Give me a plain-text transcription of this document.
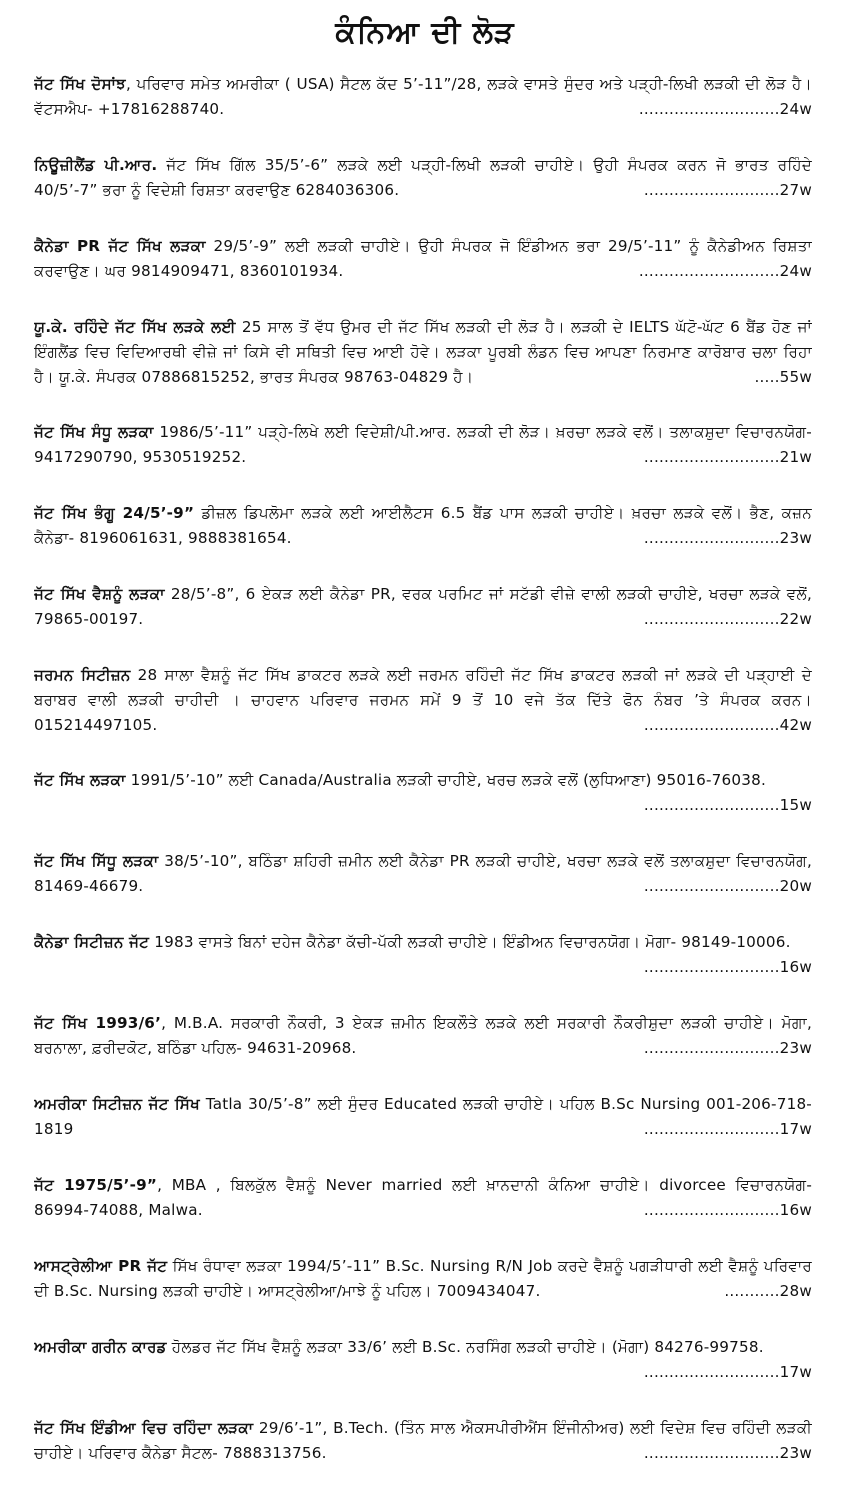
ਕੰਨਿਆ ਦੀ ਲੋੜ

ਜੱਟ ਸਿੱਖ ਦੋਸਾਂਝ, ਪਰਿਵਾਰ ਸਮੇਤ ਅਮਰੀਕਾ ( USA) ਸੈਟਲ ਕੱਦ 5’-11”/28, ਲੜਕੇ ਵਾਸਤੇ ਸੁੰਦਰ ਅਤੇ ਪੜ੍ਹੀ-ਲਿਖੀ ਲੜਕੀ ਦੀ ਲੋੜ ਹੈ। ਵੱਟਸਐਪ- +17816288740.	............................24w

ਨਿਊਜ਼ੀਲੈਂਡ ਪੀ.ਆਰ. ਜੱਟ ਸਿੱਖ ਗਿੱਲ 35/5’-6” ਲੜਕੇ ਲਈ ਪੜ੍ਹੀ-ਲਿਖੀ ਲੜਕੀ ਚਾਹੀਏ। ਉਹੀ ਸੰਪਰਕ ਕਰਨ ਜੋ ਭਾਰਤ ਰਹਿੰਦੇ 40/5’-7” ਭਰਾ ਨੂੰ ਵਿਦੇਸ਼ੀ ਰਿਸ਼ਤਾ ਕਰਵਾਉਣ 6284036306.	...........................27w

ਕੈਨੇਡਾ PR ਜੱਟ ਸਿੱਖ ਲੜਕਾ 29/5’-9” ਲਈ ਲੜਕੀ ਚਾਹੀਏ। ਉਹੀ ਸੰਪਰਕ ਜੋ ਇੰਡੀਅਨ ਭਰਾ 29/5’-11” ਨੂੰ ਕੈਨੇਡੀਅਨ ਰਿਸ਼ਤਾ ਕਰਵਾਉਣ। ਘਰ 9814909471, 8360101934.	............................24w

ਯੂ.ਕੇ. ਰਹਿੰਦੇ ਜੱਟ ਸਿੱਖ ਲੜਕੇ ਲਈ 25 ਸਾਲ ਤੋਂ ਵੱਧ ਉਮਰ ਦੀ ਜੱਟ ਸਿੱਖ ਲੜਕੀ ਦੀ ਲੋੜ ਹੈ। ਲੜਕੀ ਦੇ IELTS ਘੱਟੋ-ਘੱਟ 6 ਬੈਂਡ ਹੋਣ ਜਾਂ ਇੰਗਲੈਂਡ ਵਿਚ ਵਿਦਿਆਰਥੀ ਵੀਜ਼ੇ ਜਾਂ ਕਿਸੇ ਵੀ ਸਥਿਤੀ ਵਿਚ ਆਈ ਹੋਵੇ। ਲੜਕਾ ਪੂਰਬੀ ਲੰਡਨ ਵਿਚ ਆਪਣਾ ਨਿਰਮਾਣ ਕਾਰੋਬਾਰ ਚਲਾ ਰਿਹਾ ਹੈ। ਯੂ.ਕੇ. ਸੰਪਰਕ 07886815252, ਭਾਰਤ ਸੰਪਰਕ 98763-04829 ਹੈ।	.....55w

ਜੱਟ ਸਿੱਖ ਸੰਧੂ ਲੜਕਾ 1986/5’-11” ਪੜ੍ਹੇ-ਲਿਖੇ ਲਈ ਵਿਦੇਸ਼ੀ/ਪੀ.ਆਰ. ਲੜਕੀ ਦੀ ਲੋੜ। ਖ਼ਰਚਾ ਲੜਕੇ ਵਲੋਂ। ਤਲਾਕਸ਼ੁਦਾ ਵਿਚਾਰਨਯੋਗ- 9417290790, 9530519252.	...........................21w

ਜੱਟ ਸਿੱਖ ਭੰਗੂ 24/5’-9” ਡੀਜ਼ਲ ਡਿਪਲੋਮਾ ਲੜਕੇ ਲਈ ਆਈਲੈਟਸ 6.5 ਬੈਂਡ ਪਾਸ ਲੜਕੀ ਚਾਹੀਏ। ਖ਼ਰਚਾ ਲੜਕੇ ਵਲੋਂ। ਭੈਣ, ਕਜ਼ਨ ਕੈਨੇਡਾ- 8196061631, 9888381654.	...........................23w

ਜੱਟ ਸਿੱਖ ਵੈਸ਼ਨੂੰ ਲੜਕਾ 28/5’-8”, 6 ਏਕੜ ਲਈ ਕੈਨੇਡਾ PR, ਵਰਕ ਪਰਮਿਟ ਜਾਂ ਸਟੱਡੀ ਵੀਜ਼ੇ ਵਾਲੀ ਲੜਕੀ ਚਾਹੀਏ, ਖਰਚਾ ਲੜਕੇ ਵਲੋਂ, 79865-00197.	...........................22w

ਜਰਮਨ ਸਿਟੀਜ਼ਨ 28 ਸਾਲਾ ਵੈਸ਼ਨੂੰ ਜੱਟ ਸਿੱਖ ਡਾਕਟਰ ਲੜਕੇ ਲਈ ਜਰਮਨ ਰਹਿੰਦੀ ਜੱਟ ਸਿੱਖ ਡਾਕਟਰ ਲੜਕੀ ਜਾਂ ਲੜਕੇ ਦੀ ਪੜ੍ਹਾਈ ਦੇ ਬਰਾਬਰ ਵਾਲੀ ਲੜਕੀ ਚਾਹੀਦੀ । ਚਾਹਵਾਨ ਪਰਿਵਾਰ ਜਰਮਨ ਸਮੇਂ 9 ਤੋਂ 10 ਵਜੇ ਤੱਕ ਦਿੱਤੇ ਫੋਨ ਨੰਬਰ ’ਤੇ ਸੰਪਰਕ ਕਰਨ। 015214497105.	...........................42w

ਜੱਟ ਸਿੱਖ ਲੜਕਾ 1991/5’-10” ਲਈ Canada/Australia ਲੜਕੀ ਚਾਹੀਏ, ਖਰਚ ਲੜਕੇ ਵਲੋਂ (ਲੁਧਿਆਣਾ) 95016-76038.
...........................15w

ਜੱਟ ਸਿੱਖ ਸਿੱਧੂ ਲੜਕਾ 38/5’-10”, ਬਠਿੰਡਾ ਸ਼ਹਿਰੀ ਜ਼ਮੀਨ ਲਈ ਕੈਨੇਡਾ PR ਲੜਕੀ ਚਾਹੀਏ, ਖਰਚਾ ਲੜਕੇ ਵਲੋਂ ਤਲਾਕਸ਼ੁਦਾ ਵਿਚਾਰਨਯੋਗ, 81469-46679.	...........................20w

ਕੈਨੇਡਾ ਸਿਟੀਜ਼ਨ ਜੱਟ 1983 ਵਾਸਤੇ ਬਿਨਾਂ ਦਹੇਜ ਕੈਨੇਡਾ ਕੱਚੀ-ਪੱਕੀ ਲੜਕੀ ਚਾਹੀਏ। ਇੰਡੀਅਨ ਵਿਚਾਰਨਯੋਗ। ਮੋਗਾ- 98149-10006.
...........................16w

ਜੱਟ ਸਿੱਖ 1993/6’, M.B.A. ਸਰਕਾਰੀ ਨੌਕਰੀ, 3 ਏਕੜ ਜ਼ਮੀਨ ਇਕਲੌਤੇ ਲੜਕੇ ਲਈ ਸਰਕਾਰੀ ਨੌਕਰੀਸ਼ੁਦਾ ਲੜਕੀ ਚਾਹੀਏ। ਮੋਗਾ, ਬਰਨਾਲਾ, ਫ਼ਰੀਦਕੋਟ, ਬਠਿੰਡਾ ਪਹਿਲ- 94631-20968.	...........................23w

ਅਮਰੀਕਾ ਸਿਟੀਜ਼ਨ ਜੱਟ ਸਿੱਖ Tatla 30/5’-8” ਲਈ ਸੁੰਦਰ Educated ਲੜਕੀ ਚਾਹੀਏ। ਪਹਿਲ B.Sc Nursing 001-206-718-1819	...........................17w

ਜੱਟ 1975/5’-9”, MBA , ਬਿਲਕੁੱਲ ਵੈਸ਼ਨੂੰ Never married ਲਈ ਖ਼ਾਨਦਾਨੀ ਕੰਨਿਆ ਚਾਹੀਏ। divorcee ਵਿਚਾਰਨਯੋਗ- 86994-74088, Malwa.	...........................16w

ਆਸਟ੍ਰੇਲੀਆ PR ਜੱਟ ਸਿੱਖ ਰੰਧਾਵਾ ਲੜਕਾ 1994/5’-11” B.Sc. Nursing R/N Job ਕਰਦੇ ਵੈਸ਼ਨੂੰ ਪਗੜੀਧਾਰੀ ਲਈ ਵੈਸ਼ਨੂੰ ਪਰਿਵਾਰ ਦੀ B.Sc. Nursing ਲੜਕੀ ਚਾਹੀਏ। ਆਸਟ੍ਰੇਲੀਆ/ਮਾਝੇ ਨੂੰ ਪਹਿਲ। 7009434047.	...........28w

ਅਮਰੀਕਾ ਗਰੀਨ ਕਾਰਡ ਹੋਲਡਰ ਜੱਟ ਸਿੱਖ ਵੈਸ਼ਨੂੰ ਲੜਕਾ 33/6’ ਲਈ B.Sc. ਨਰਸਿੰਗ ਲੜਕੀ ਚਾਹੀਏ। (ਮੋਗਾ) 84276-99758.
...........................17w

ਜੱਟ ਸਿੱਖ ਇੰਡੀਆ ਵਿਚ ਰਹਿੰਦਾ ਲੜਕਾ 29/6’-1”, B.Tech. (ਤਿੰਨ ਸਾਲ ਐਕਸਪੀਰੀਐਂਸ ਇੰਜੀਨੀਅਰ) ਲਈ ਵਿਦੇਸ਼ ਵਿਚ ਰਹਿੰਦੀ ਲੜਕੀ ਚਾਹੀਏ। ਪਰਿਵਾਰ ਕੈਨੇਡਾ ਸੈਟਲ- 7888313756.	...........................23w
